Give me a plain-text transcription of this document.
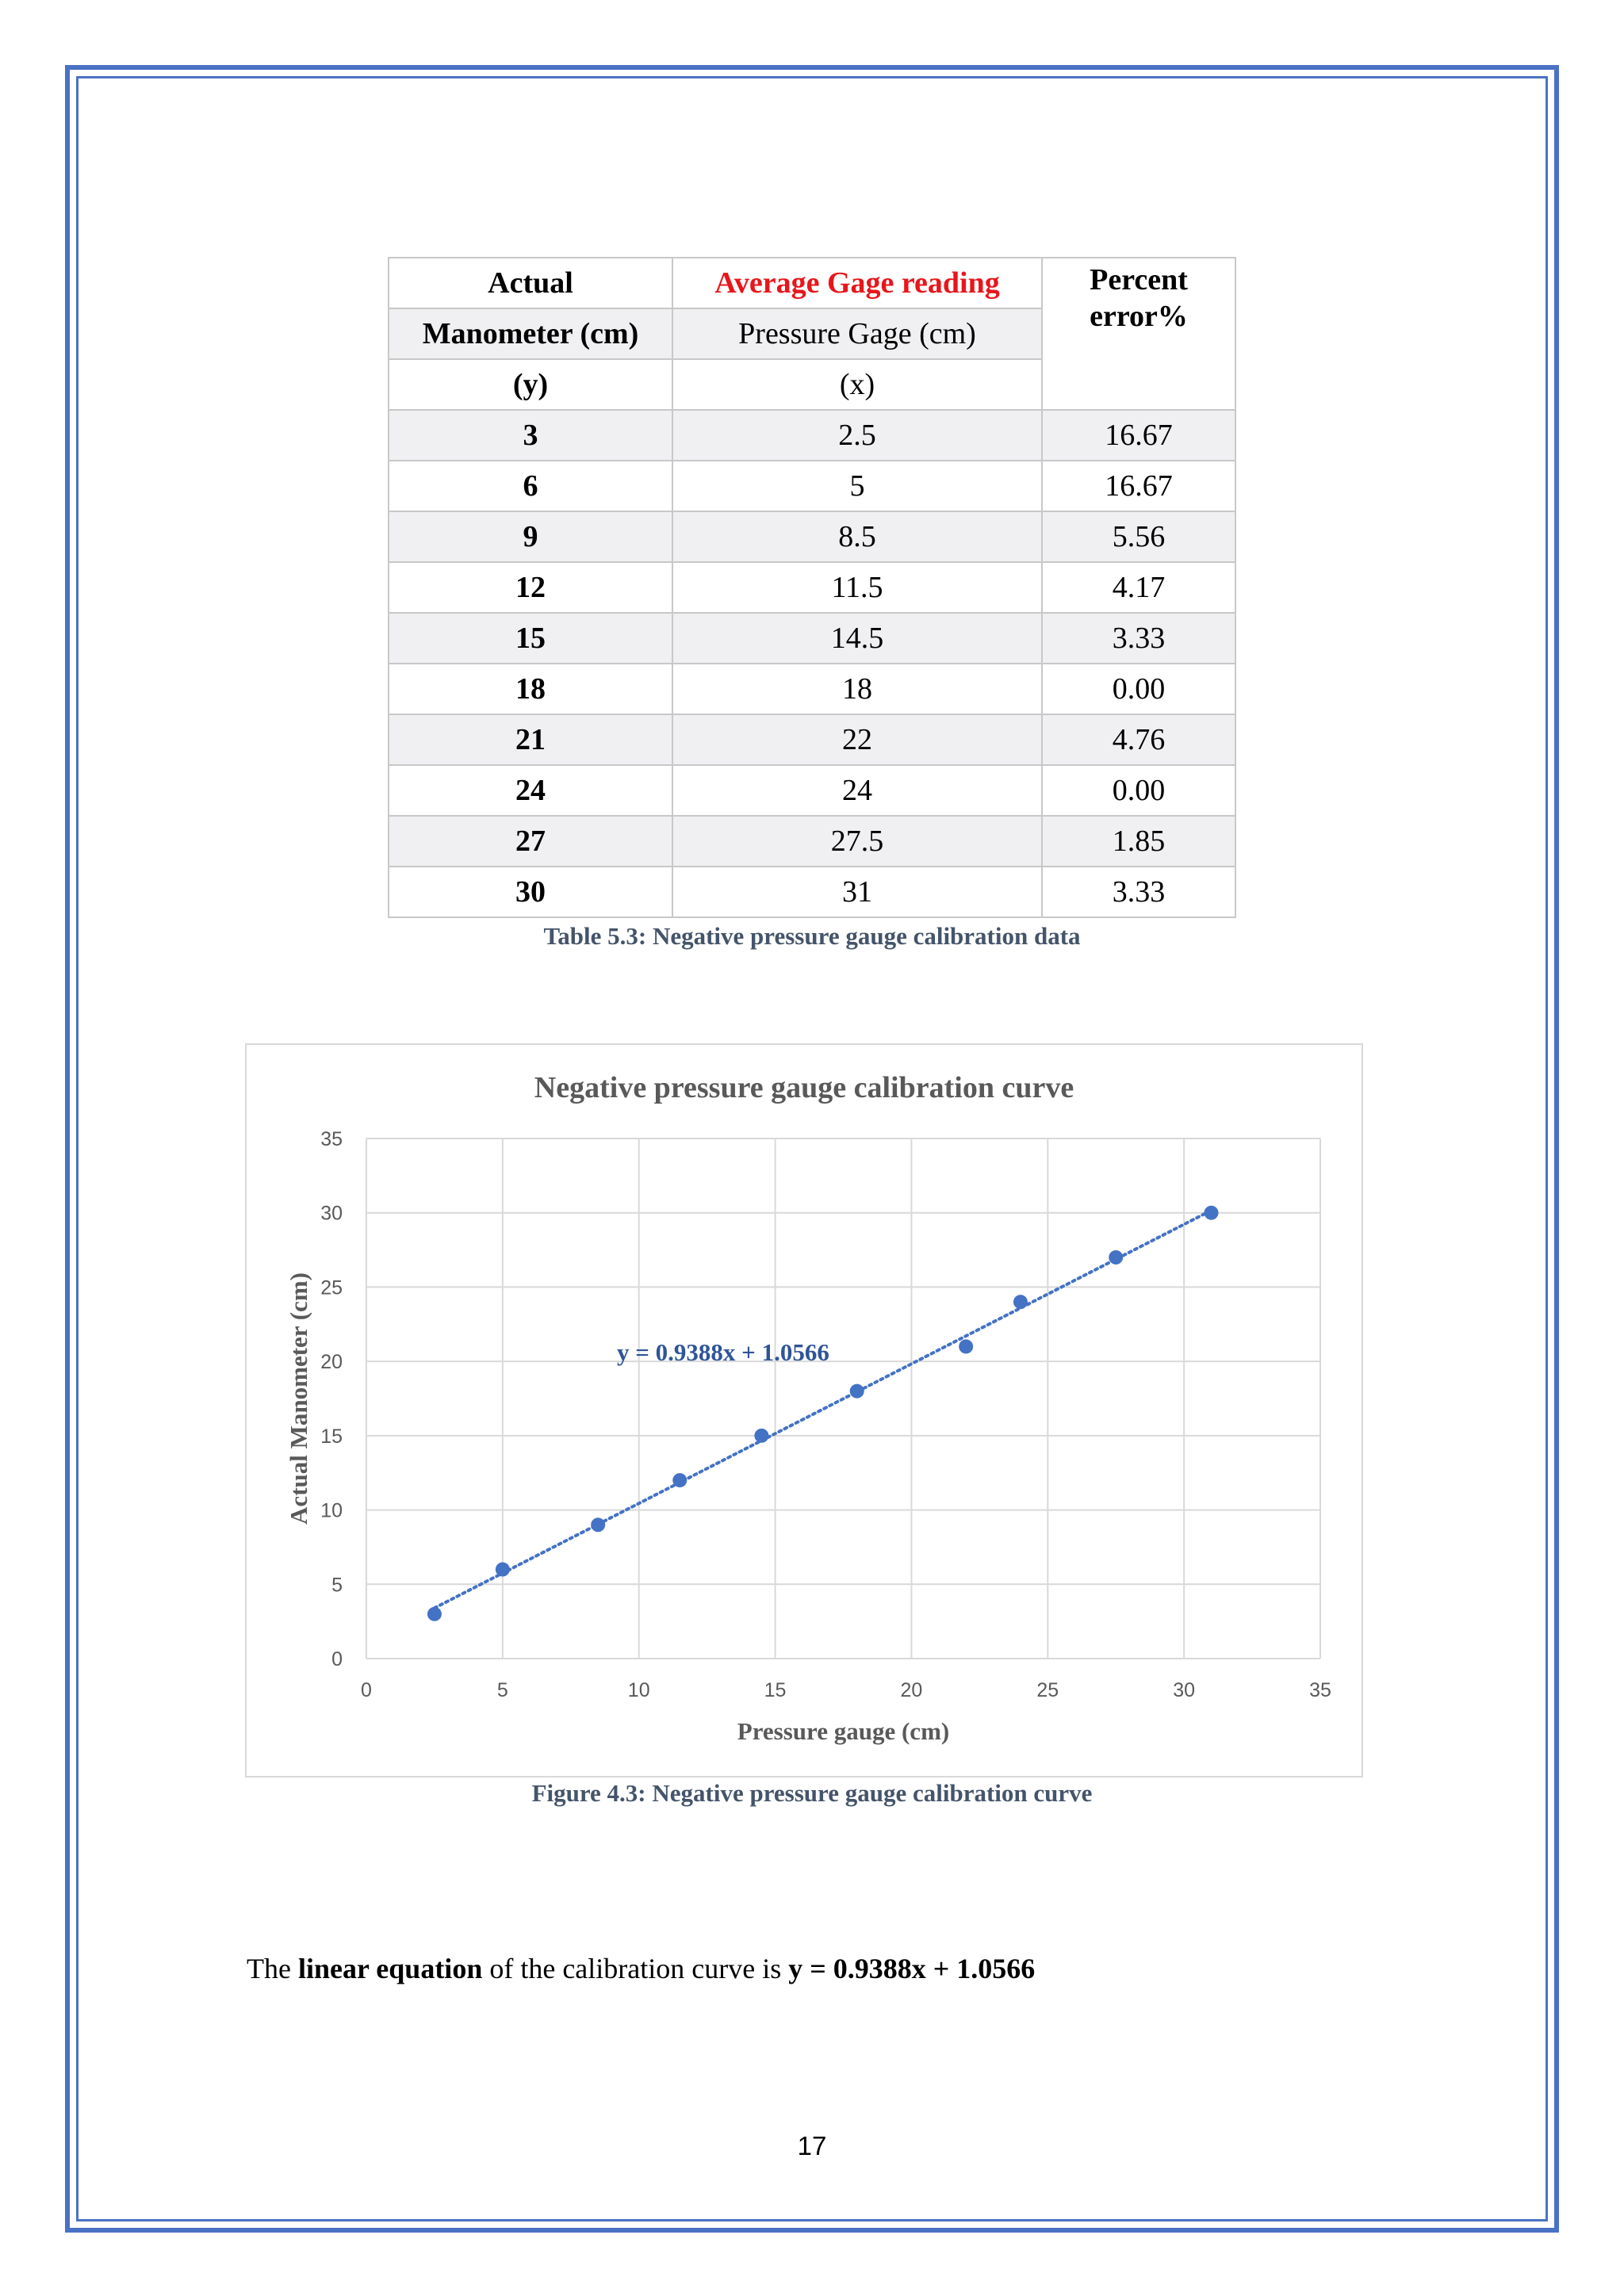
Actual	Average Gage reading	Percent
error%
Manometer (cm)	Pressure Gage (cm)	
(y)	(x)	
3	2.5	16.67
6	5	16.67
9	8.5	5.56
12	11.5	4.17
15	14.5	3.33
18	18	0.00
21	22	4.76
24	24	0.00
27	27.5	1.85
30	31	3.33
Table 5.3: Negative pressure gauge calibration data
0	5	10	15	20	25	30	35
0
5
10
15
20
25
30
35
Negative pressure gauge calibration curve
Pressure gauge (cm)
Actual Manometer (cm)	y = 0.9388x + 1.0566
Figure 4.3: Negative pressure gauge calibration curve
The linear equation of the calibration curve is y = 0.9388x + 1.0566
17
